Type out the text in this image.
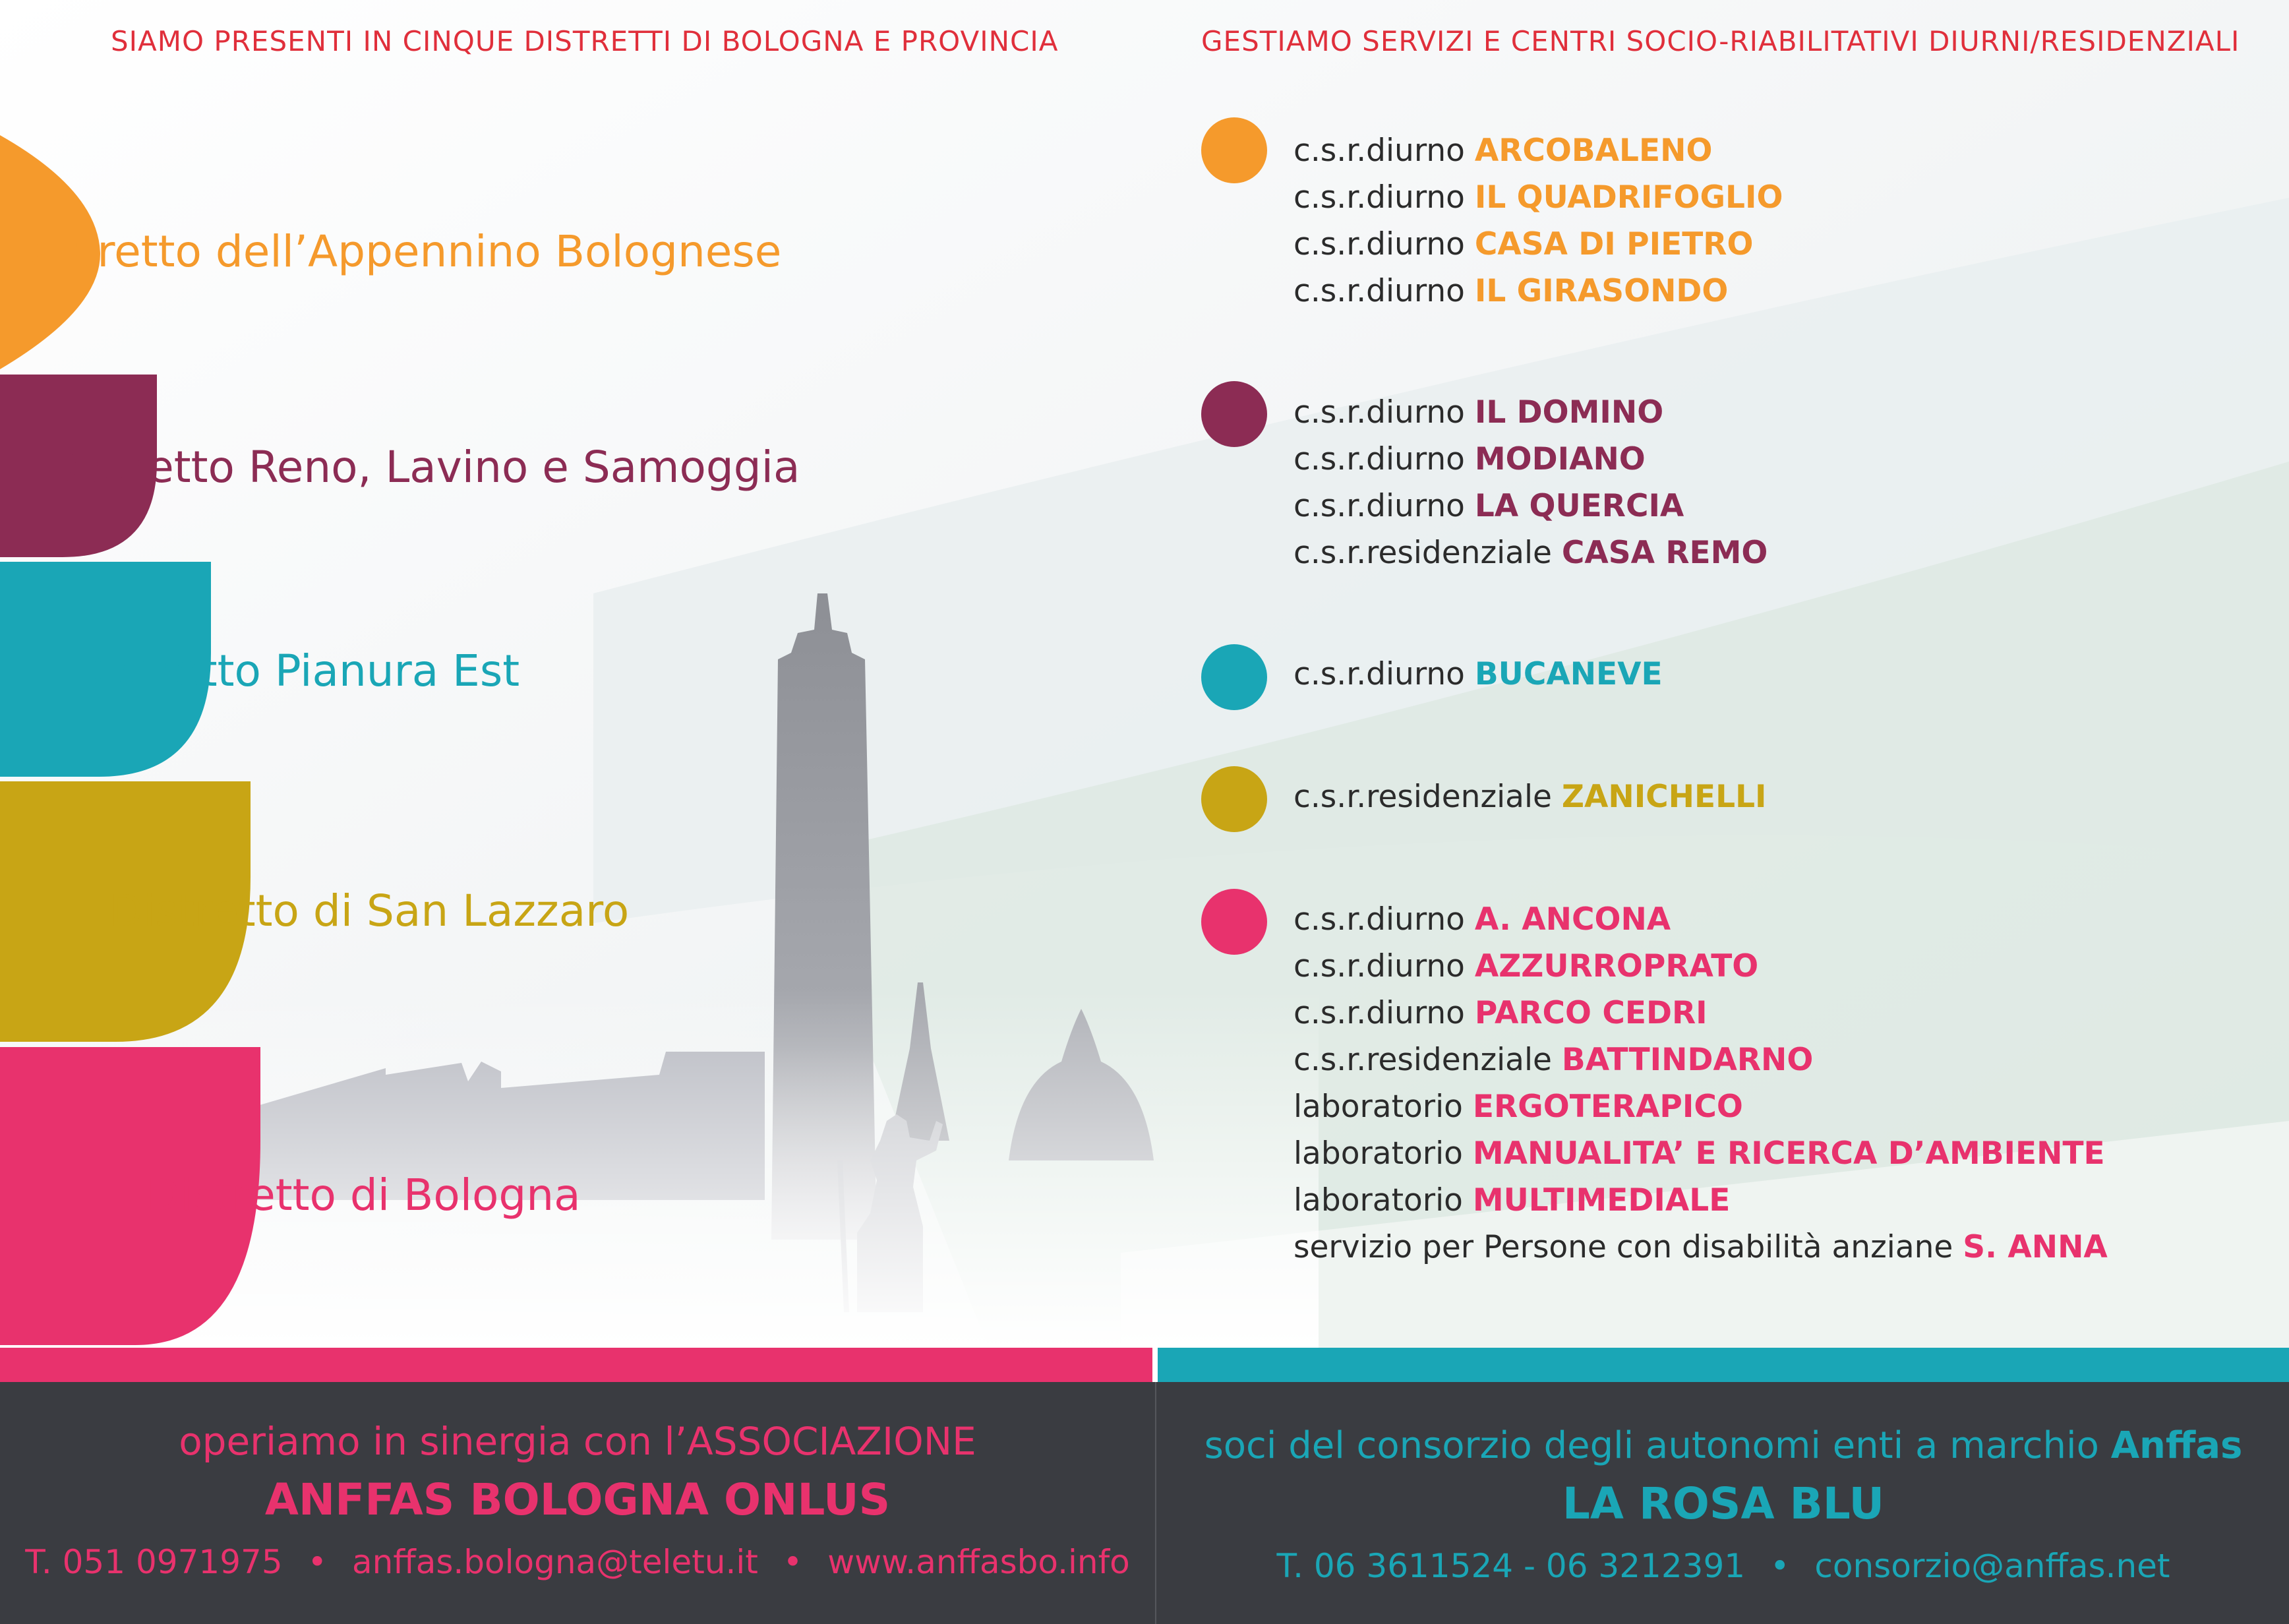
SIAMO PRESENTI IN CINQUE DISTRETTI DI BOLOGNA E PROVINCIA	GESTIAMO SERVIZI E CENTRI SOCIO-RIABILITATIVI DIURNI/RESIDENZIALI
Distretto dell’Appennino Bolognese
Distretto Reno, Lavino e Samoggia
Distretto Pianura Est
Distretto di San Lazzaro
Distretto di Bologna
c.s.r.diurno ARCOBALENO
c.s.r.diurno IL QUADRIFOGLIO
c.s.r.diurno CASA DI PIETRO
c.s.r.diurno IL GIRASONDO
c.s.r.diurno IL DOMINO
c.s.r.diurno MODIANO
c.s.r.diurno LA QUERCIA
c.s.r.residenziale CASA REMO
c.s.r.diurno BUCANEVE
c.s.r.residenziale ZANICHELLI
c.s.r.diurno A. ANCONA
c.s.r.diurno AZZURROPRATO
c.s.r.diurno PARCO CEDRI
c.s.r.residenziale BATTINDARNO
laboratorio ERGOTERAPICO
laboratorio MANUALITA’ E RICERCA D’AMBIENTE
laboratorio MULTIMEDIALE
servizio per Persone con disabilità anziane S. ANNA
operiamo in sinergia con l’ASSOCIAZIONE
ANFFAS BOLOGNA ONLUS
T. 051 0971975 • anffas.bologna@teletu.it • www.anffasbo.info
soci del consorzio degli autonomi enti a marchio Anffas
LA ROSA BLU
T. 06 3611524 - 06 3212391 • consorzio@anffas.net
